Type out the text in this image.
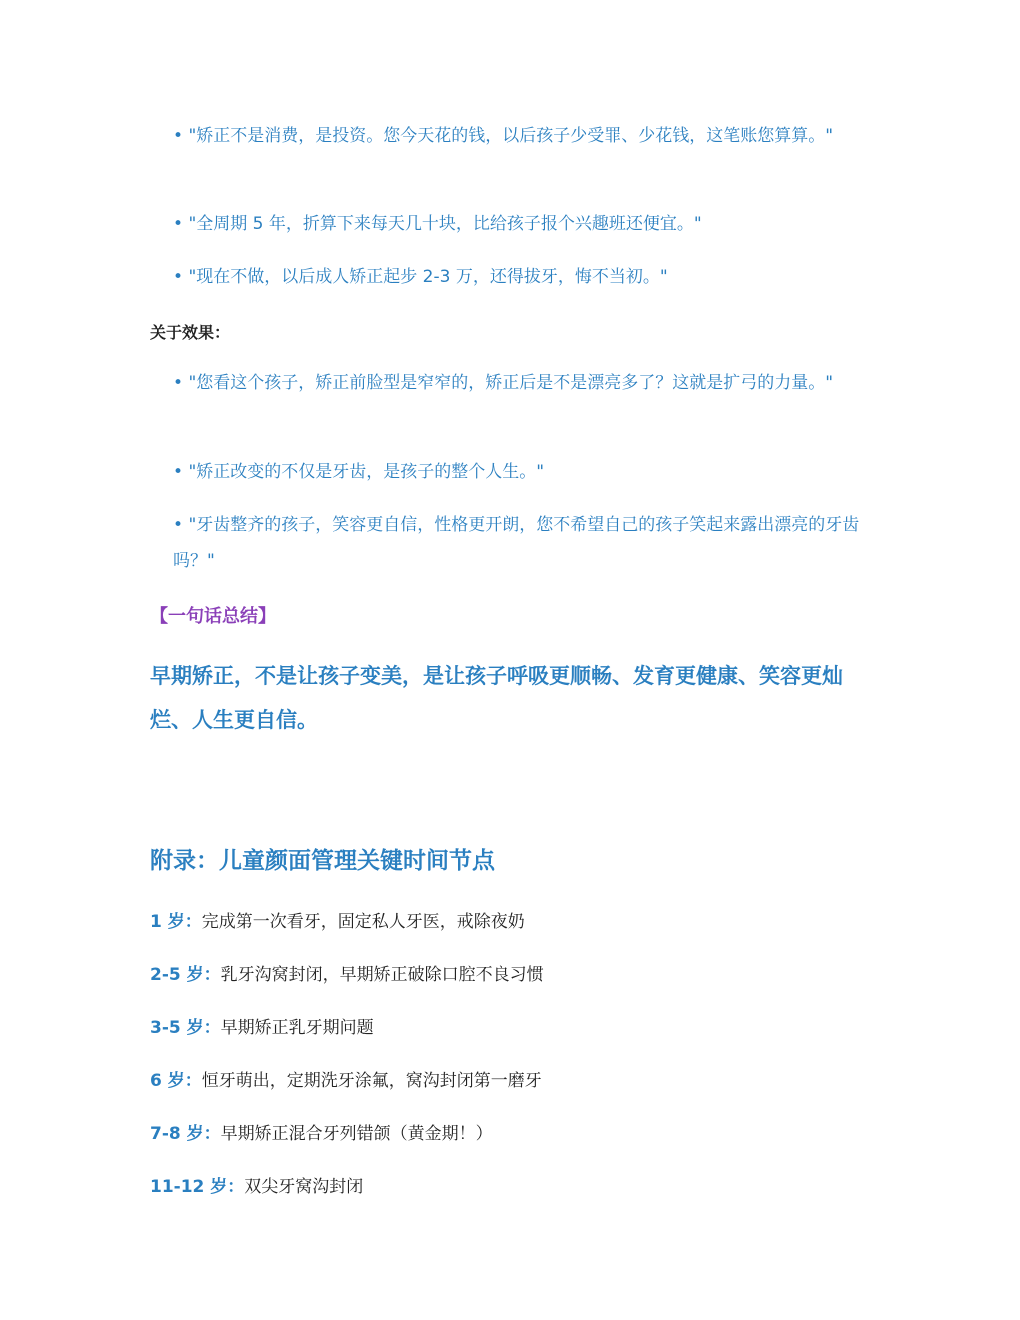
• "矫正不是消费，是投资。您今天花的钱，以后孩子少受罪、少花钱，这笔账您算算。"
• "全周期 5 年，折算下来每天几十块，比给孩子报个兴趣班还便宜。"
• "现在不做，以后成人矫正起步 2-3 万，还得拔牙，悔不当初。"
关于效果：
• "您看这个孩子，矫正前脸型是窄窄的，矫正后是不是漂亮多了？这就是扩弓的力量。"
• "矫正改变的不仅是牙齿，是孩子的整个人生。"
• "牙齿整齐的孩子，笑容更自信，性格更开朗，您不希望自己的孩子笑起来露出漂亮的牙齿吗？"
【一句话总结】
早期矫正，不是让孩子变美，是让孩子呼吸更顺畅、发育更健康、笑容更灿烂、人生更自信。
附录：儿童颜面管理关键时间节点
1 岁：完成第一次看牙，固定私人牙医，戒除夜奶
2-5 岁：乳牙沟窝封闭，早期矫正破除口腔不良习惯
3-5 岁：早期矫正乳牙期问题
6 岁：恒牙萌出，定期洗牙涂氟，窝沟封闭第一磨牙
7-8 岁：早期矫正混合牙列错颌（黄金期！）
11-12 岁：双尖牙窝沟封闭
